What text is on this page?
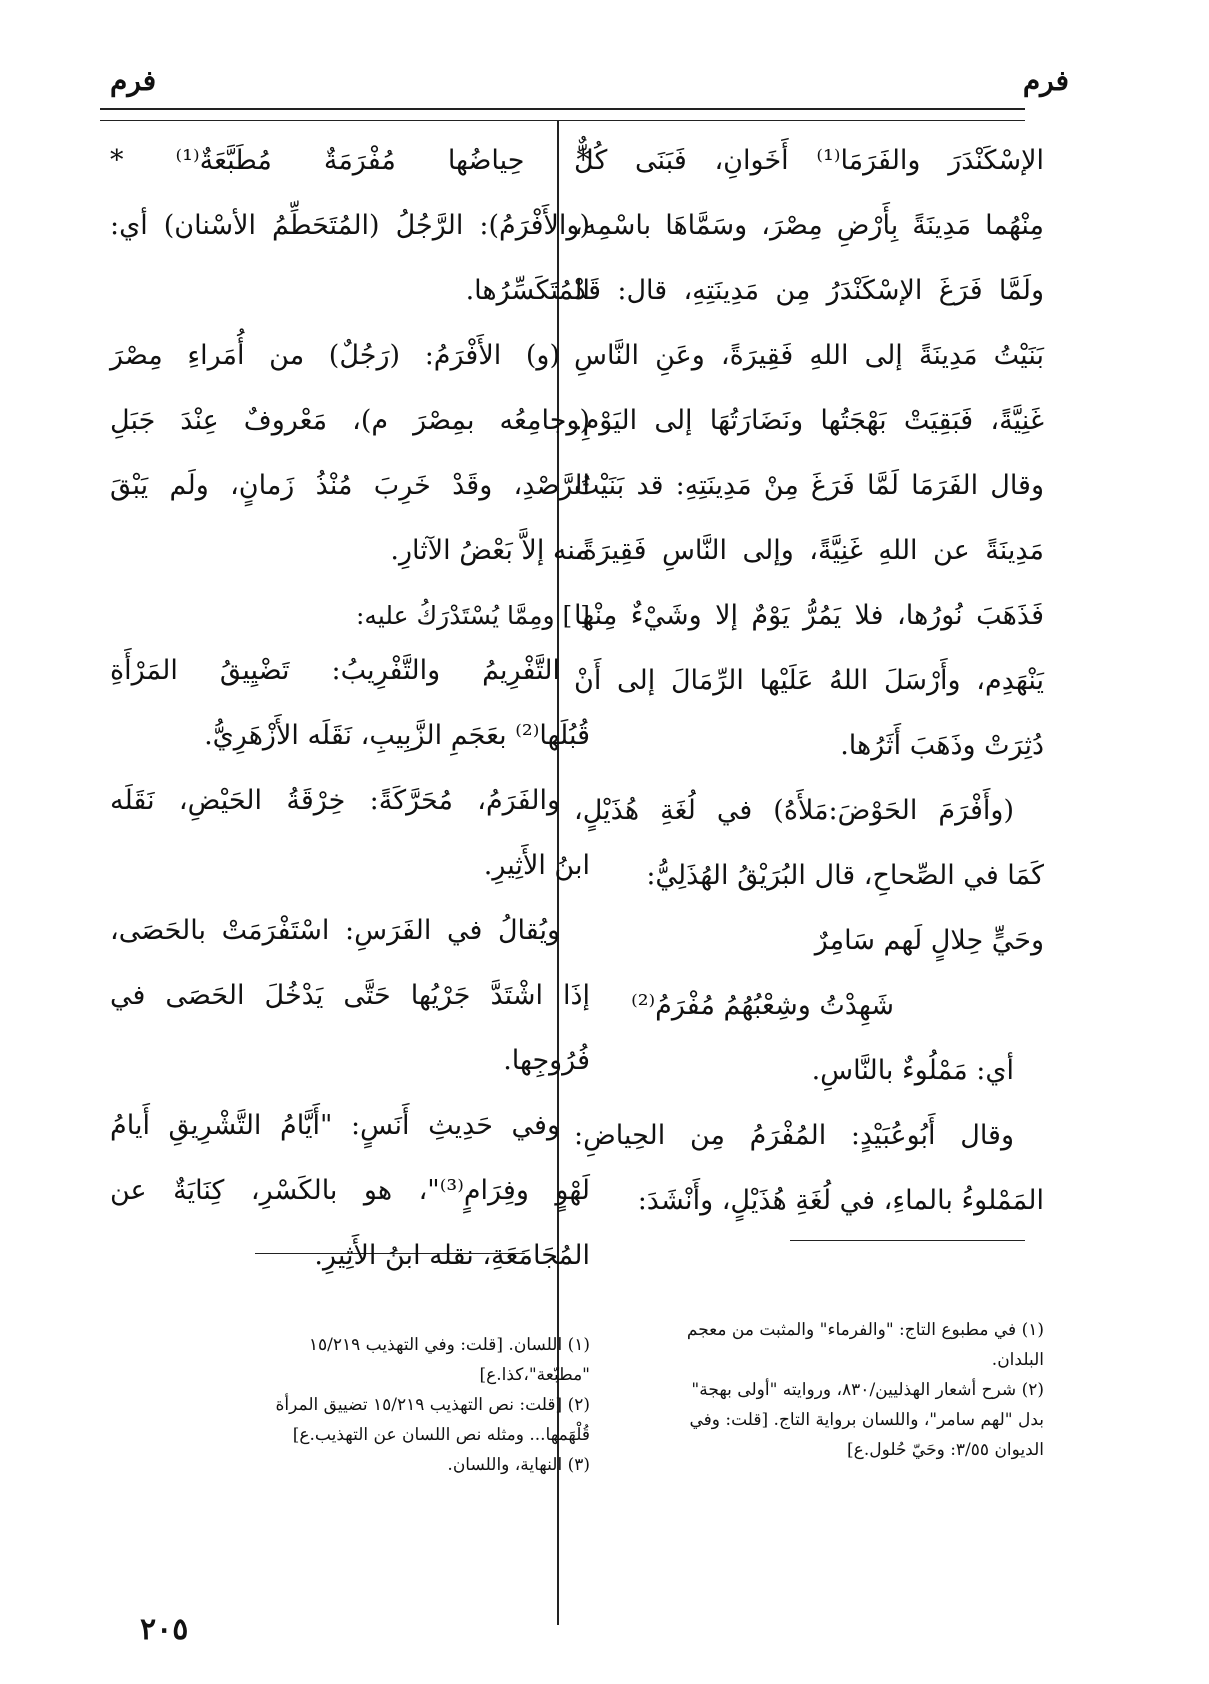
فرم
فرم
الإسْكَنْدَرَ والفَرَمَا⁽¹⁾ أَخَوانِ، فَبَنَى كُلٌّ
مِنْهُما مَدِينَةً بِأَرْضِ مِصْرَ، وسَمَّاهَا باسْمِه،
ولَمَّا فَرَغَ الإسْكَنْدَرُ مِن مَدِينَتِهِ، قال: قَدْ
بَنَيْتُ مَدِينَةً إلى اللهِ فَقِيرَةً، وعَنِ النَّاسِ
غَنِيَّةً، فَبَقِيَتْ بَهْجَتُها ونَضَارَتُهَا إلى اليَوْمِ.
وقال الفَرَمَا لَمَّا فَرَغَ مِنْ مَدِينَتِهِ: قد بَنَيْتُ
مَدِينَةً عن اللهِ غَنِيَّةً، وإلى النَّاسِ فَقِيرَةً،
فَذَهَبَ نُورُها، فلا يَمُرُّ يَوْمٌ إلا وشَيْءٌ مِنْها
يَنْهَدِم، وأَرْسَلَ اللهُ عَلَيْها الرِّمَالَ إلى أَنْ
دُثِرَتْ وذَهَبَ أَثَرُها.
(وأَفْرَمَ الحَوْضَ:مَلأَهُ) في لُغَةِ هُذَيْلٍ،
كَمَا في الصِّحاحِ، قال البُرَيْقُ الهُذَلِيُّ:
وحَيٍّ حِلالٍ لَهم سَامِرٌ
شَهِدْتُ وشِعْبُهُمُ مُفْرَمُ⁽²⁾
أي: مَمْلُوءٌ بالنَّاسِ.
وقال أَبُوعُبَيْدٍ: المُفْرَمُ مِن الحِياضِ:
المَمْلوءُ بالماءِ، في لُغَةِ هُذَيْلٍ، وأَنْشَدَ:
* حِياضُها مُفْرَمَةٌ مُطَبَّعَةٌ⁽¹⁾ *
(والأَفْرَمُ): الرَّجُلُ (المُتَحَطِّمُ الأسْنان) أي:
المُتَكَسِّرُها.
(و) الأَفْرَمُ: (رَجُلٌ) من أُمَراءِ مِصْرَ
(وجامِعُه بمِصْرَ م)، مَعْروفٌ عِنْدَ جَبَلِ
الرَّصْدِ، وقَدْ خَرِبَ مُنْذُ زَمانٍ، ولَم يَبْقَ
منه إلاَّ بَعْضُ الآثارِ.
[ ] ومِمَّا يُسْتَدْرَكُ عليه:
التَّفْرِيمُ والتَّفْرِيبُ: تَضْيِيقُ المَرْأَةِ
قُبُلَها⁽²⁾ بعَجَمِ الزَّبِيبِ، نَقَلَه الأَزْهَرِيُّ.
والفَرَمُ، مُحَرَّكَةً: خِرْقَةُ الحَيْضِ، نَقَلَه
ابنُ الأَثِيرِ.
ويُقالُ في الفَرَسِ: اسْتَفْرَمَتْ بالحَصَى،
إذَا اشْتَدَّ جَرْيُها حَتَّى يَدْخُلَ الحَصَى في
فُرُوجِها.
وفي حَدِيثِ أَنَسٍ: "أَيَّامُ التَّشْرِيقِ أَيامُ
لَهْوٍ وفِرَامٍ⁽³⁾"، هو بالكَسْرِ، كِنَايَةٌ عن
المُجَامَعَةِ، نقله ابنُ الأَثِيرِ.
(١) في مطبوع التاج: "والفرماء" والمثبت من معجم
البلدان.
(٢) شرح أشعار الهذليين/٨٣٠، وروايته "أولى بهجة"
بدل "لهم سامر"، واللسان برواية التاج. [قلت: وفي
الديوان ٣/٥٥: وحَيّ حُلول.ع]
(١) اللسان. [قلت: وفي التهذيب ١٥/٢١٩
"مطبّعة"،كذا.ع]
(٢) [قلت: نص التهذيب ١٥/٢١٩ تضييق المرأة
قُلْهَمها... ومثله نص اللسان عن التهذيب.ع]
(٣) النهاية، واللسان.
٢٠٥
